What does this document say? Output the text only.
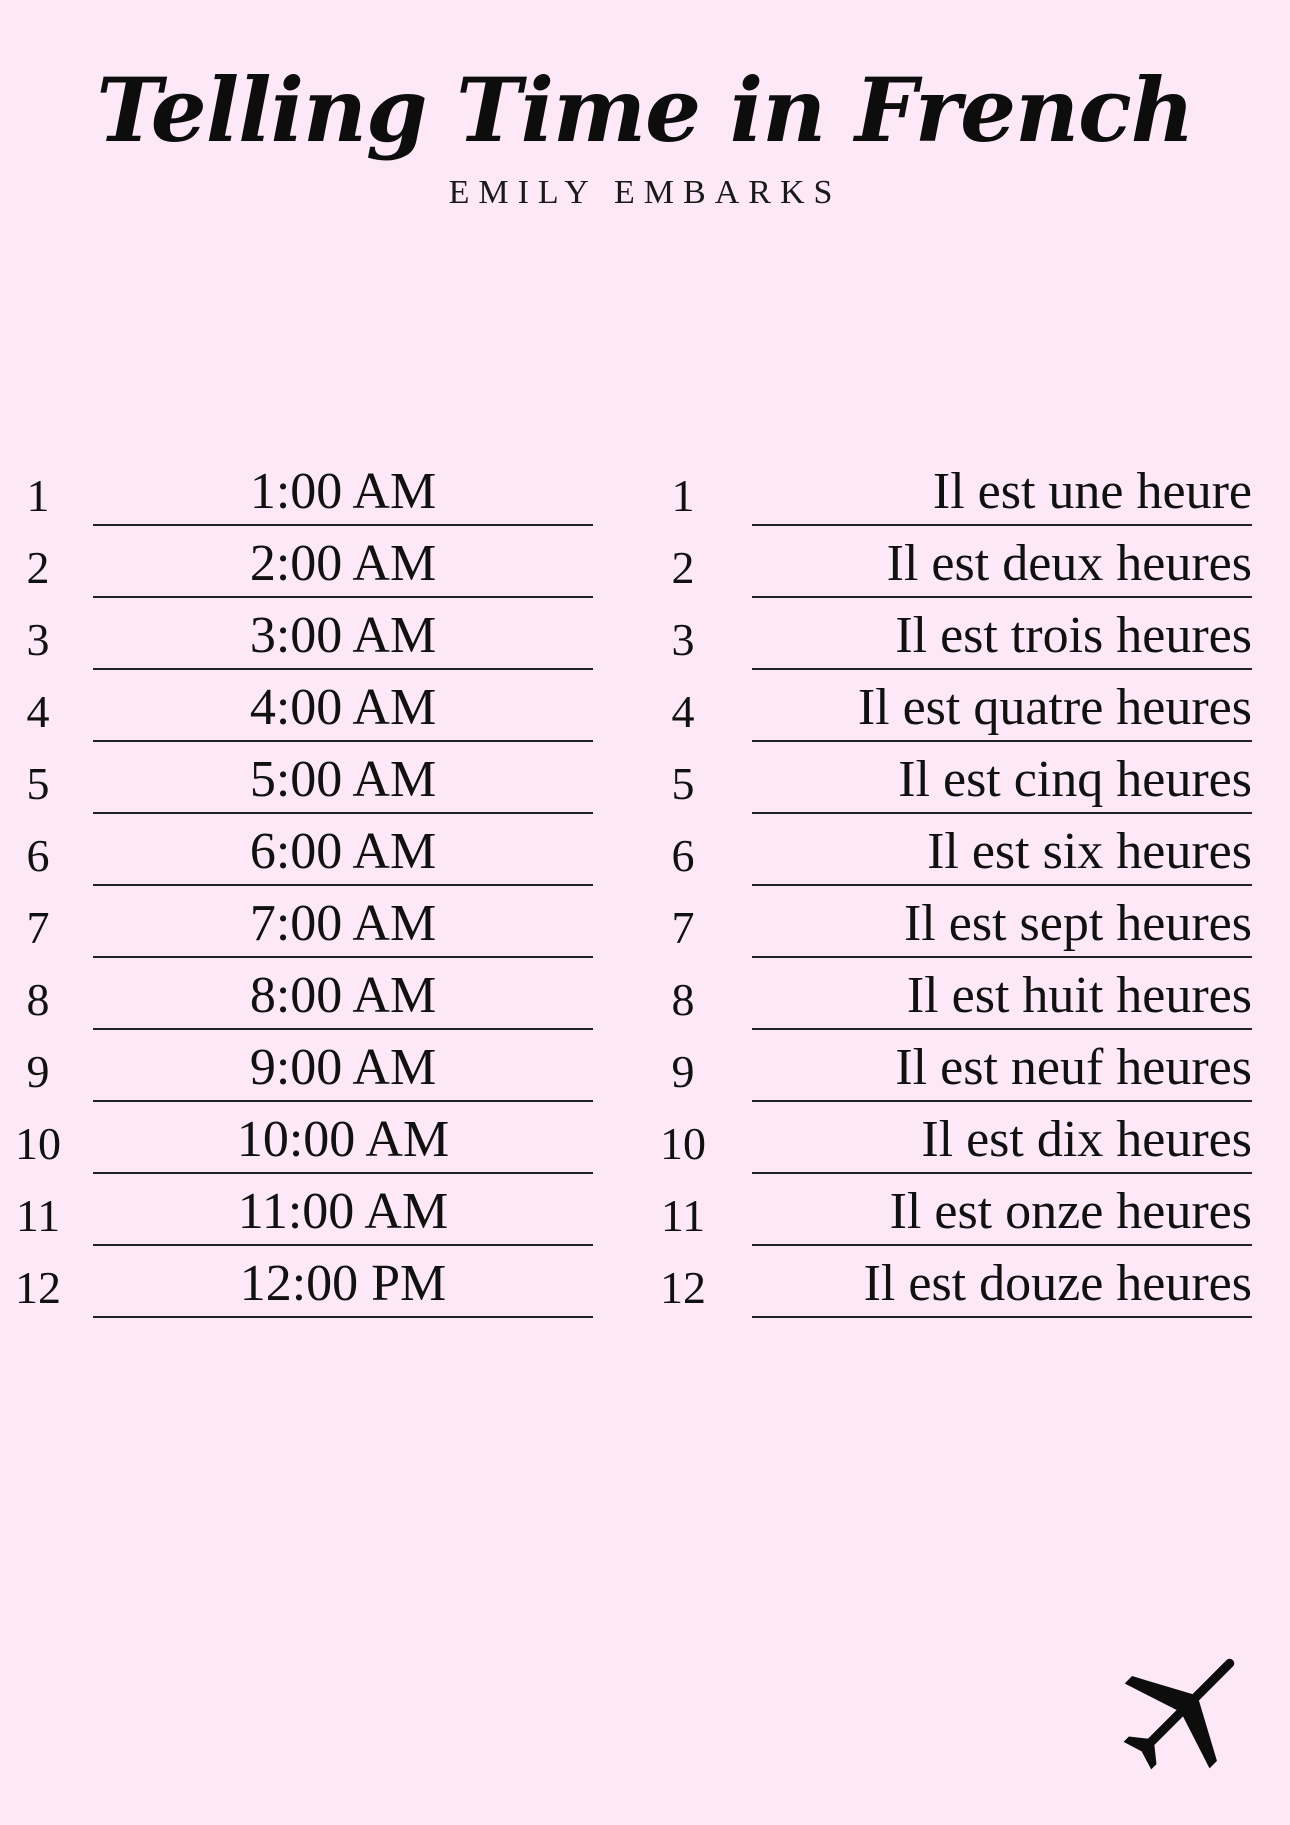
Telling Time in French
EMILY EMBARKS
1	1:00 AM
2	2:00 AM
3	3:00 AM
4	4:00 AM
5	5:00 AM
6	6:00 AM
7	7:00 AM
8	8:00 AM
9	9:00 AM
10	10:00 AM
11	11:00 AM
12	12:00 PM
1	Il est une heure
2	Il est deux heures
3	Il est trois heures
4	Il est quatre heures
5	Il est cinq heures
6	Il est six heures
7	Il est sept heures
8	Il est huit heures
9	Il est neuf heures
10	Il est dix heures
11	Il est onze heures
12	Il est douze heures
